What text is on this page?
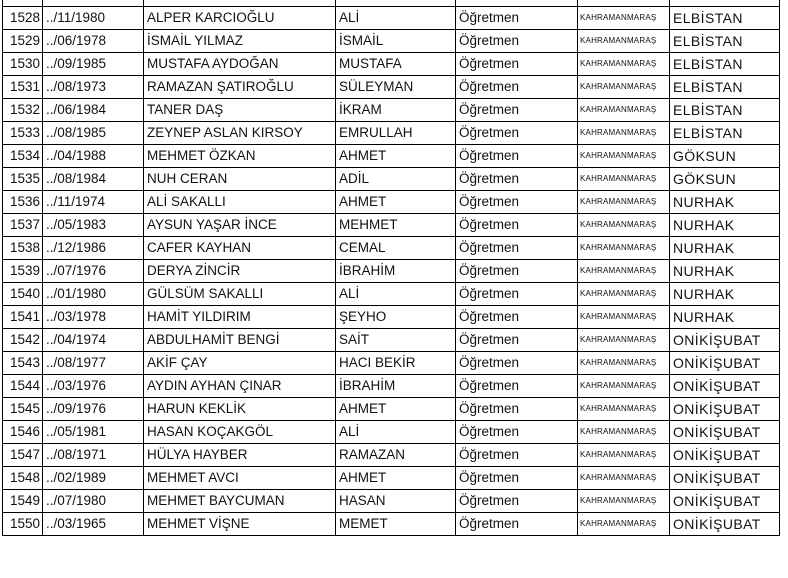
1528	../11/1980	ALPER KARCIOĞLU	ALİ	Öğretmen	KAHRAMANMARAŞ	ELBİSTAN
1529	../06/1978	İSMAİL YILMAZ	İSMAİL	Öğretmen	KAHRAMANMARAŞ	ELBİSTAN
1530	../09/1985	MUSTAFA AYDOĞAN	MUSTAFA	Öğretmen	KAHRAMANMARAŞ	ELBİSTAN
1531	../08/1973	RAMAZAN ŞATIROĞLU	SÜLEYMAN	Öğretmen	KAHRAMANMARAŞ	ELBİSTAN
1532	../06/1984	TANER DAŞ	İKRAM	Öğretmen	KAHRAMANMARAŞ	ELBİSTAN
1533	../08/1985	ZEYNEP ASLAN KIRSOY	EMRULLAH	Öğretmen	KAHRAMANMARAŞ	ELBİSTAN
1534	../04/1988	MEHMET ÖZKAN	AHMET	Öğretmen	KAHRAMANMARAŞ	GÖKSUN
1535	../08/1984	NUH CERAN	ADİL	Öğretmen	KAHRAMANMARAŞ	GÖKSUN
1536	../11/1974	ALİ SAKALLI	AHMET	Öğretmen	KAHRAMANMARAŞ	NURHAK
1537	../05/1983	AYSUN YAŞAR İNCE	MEHMET	Öğretmen	KAHRAMANMARAŞ	NURHAK
1538	../12/1986	CAFER KAYHAN	CEMAL	Öğretmen	KAHRAMANMARAŞ	NURHAK
1539	../07/1976	DERYA ZİNCİR	İBRAHİM	Öğretmen	KAHRAMANMARAŞ	NURHAK
1540	../01/1980	GÜLSÜM SAKALLI	ALİ	Öğretmen	KAHRAMANMARAŞ	NURHAK
1541	../03/1978	HAMİT YILDIRIM	ŞEYHO	Öğretmen	KAHRAMANMARAŞ	NURHAK
1542	../04/1974	ABDULHAMİT BENGİ	SAİT	Öğretmen	KAHRAMANMARAŞ	ONİKİŞUBAT
1543	../08/1977	AKİF ÇAY	HACI BEKİR	Öğretmen	KAHRAMANMARAŞ	ONİKİŞUBAT
1544	../03/1976	AYDIN AYHAN ÇINAR	İBRAHİM	Öğretmen	KAHRAMANMARAŞ	ONİKİŞUBAT
1545	../09/1976	HARUN KEKLİK	AHMET	Öğretmen	KAHRAMANMARAŞ	ONİKİŞUBAT
1546	../05/1981	HASAN KOÇAKGÖL	ALİ	Öğretmen	KAHRAMANMARAŞ	ONİKİŞUBAT
1547	../08/1971	HÜLYA HAYBER	RAMAZAN	Öğretmen	KAHRAMANMARAŞ	ONİKİŞUBAT
1548	../02/1989	MEHMET AVCI	AHMET	Öğretmen	KAHRAMANMARAŞ	ONİKİŞUBAT
1549	../07/1980	MEHMET BAYCUMAN	HASAN	Öğretmen	KAHRAMANMARAŞ	ONİKİŞUBAT
1550	../03/1965	MEHMET VİŞNE	MEMET	Öğretmen	KAHRAMANMARAŞ	ONİKİŞUBAT
